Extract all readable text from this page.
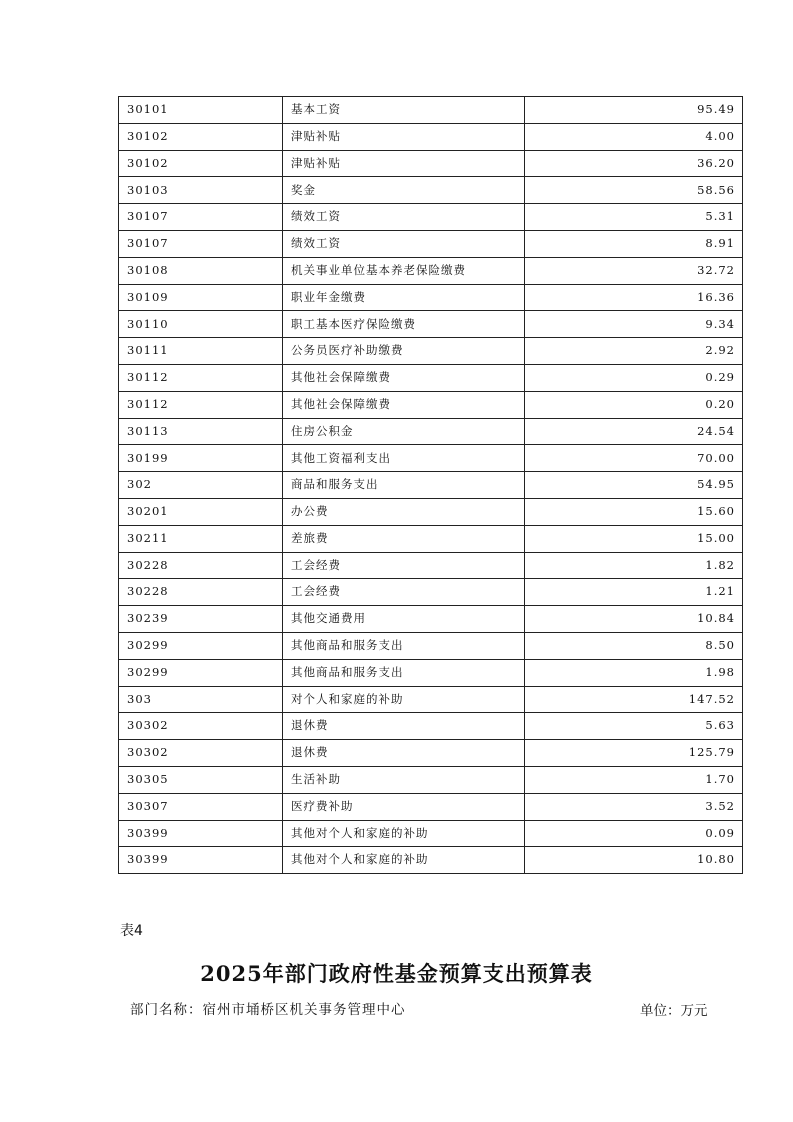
30101	基本工资	95.49
30102	津贴补贴	4.00
30102	津贴补贴	36.20
30103	奖金	58.56
30107	绩效工资	5.31
30107	绩效工资	8.91
30108	机关事业单位基本养老保险缴费	32.72
30109	职业年金缴费	16.36
30110	职工基本医疗保险缴费	9.34
30111	公务员医疗补助缴费	2.92
30112	其他社会保障缴费	0.29
30112	其他社会保障缴费	0.20
30113	住房公积金	24.54
30199	其他工资福利支出	70.00
302	商品和服务支出	54.95
30201	办公费	15.60
30211	差旅费	15.00
30228	工会经费	1.82
30228	工会经费	1.21
30239	其他交通费用	10.84
30299	其他商品和服务支出	8.50
30299	其他商品和服务支出	1.98
303	对个人和家庭的补助	147.52
30302	退休费	5.63
30302	退休费	125.79
30305	生活补助	1.70
30307	医疗费补助	3.52
30399	其他对个人和家庭的补助	0.09
30399	其他对个人和家庭的补助	10.80
表4
2025年部门政府性基金预算支出预算表
部门名称：宿州市埇桥区机关事务管理中心	单位：万元
